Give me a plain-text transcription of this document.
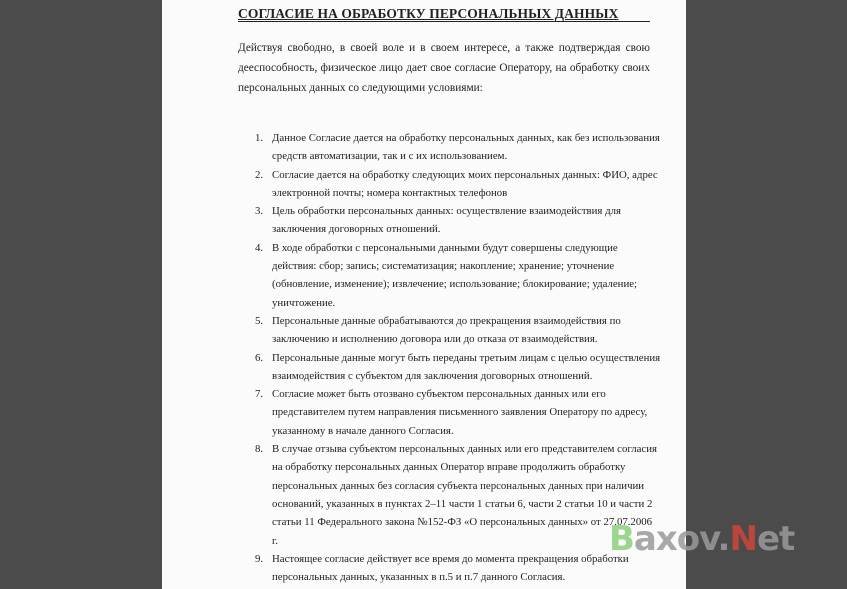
СОГЛАСИЕ НА ОБРАБОТКУ ПЕРСОНАЛЬНЫХ ДАННЫХ
Действуя свободно, в своей воле и в своем интересе, а также подтверждая свою
дееспособность, физическое лицо дает свое согласие Оператору, на обработку своих
персональных данных со следующими условиями:
1. Данное Согласие дается на обработку персональных данных, как без использования
средств автоматизации, так и с их использованием.
2. Согласие дается на обработку следующих моих персональных данных: ФИО, адрес
электронной почты; номера контактных телефонов
3. Цель обработки персональных данных: осуществление взаимодействия для
заключения договорных отношений.
4. В ходе обработки с персональными данными будут совершены следующие
действия: сбор; запись; систематизация; накопление; хранение; уточнение
(обновление, изменение); извлечение; использование; блокирование; удаление;
уничтожение.
5. Персональные данные обрабатываются до прекращения взаимодействия по
заключению и исполнению договора или до отказа от взаимодействия.
6. Персональные данные могут быть переданы третьим лицам с целью осуществления
взаимодействия с субъектом для заключения договорных отношений.
7. Согласие может быть отозвано субъектом персональных данных или его
представителем путем направления письменного заявления Оператору по адресу,
указанному в начале данного Согласия.
8. В случае отзыва субъектом персональных данных или его представителем согласия
на обработку персональных данных Оператор вправе продолжить обработку
персональных данных без согласия субъекта персональных данных при наличии
оснований, указанных в пунктах 2–11 части 1 статьи 6, части 2 статьи 10 и части 2
статьи 11 Федерального закона №152-ФЗ «О персональных данных» от 27.07.2006
г.
9. Настоящее согласие действует все время до момента прекращения обработки
персональных данных, указанных в п.5 и п.7 данного Согласия.
Baxov.Net
